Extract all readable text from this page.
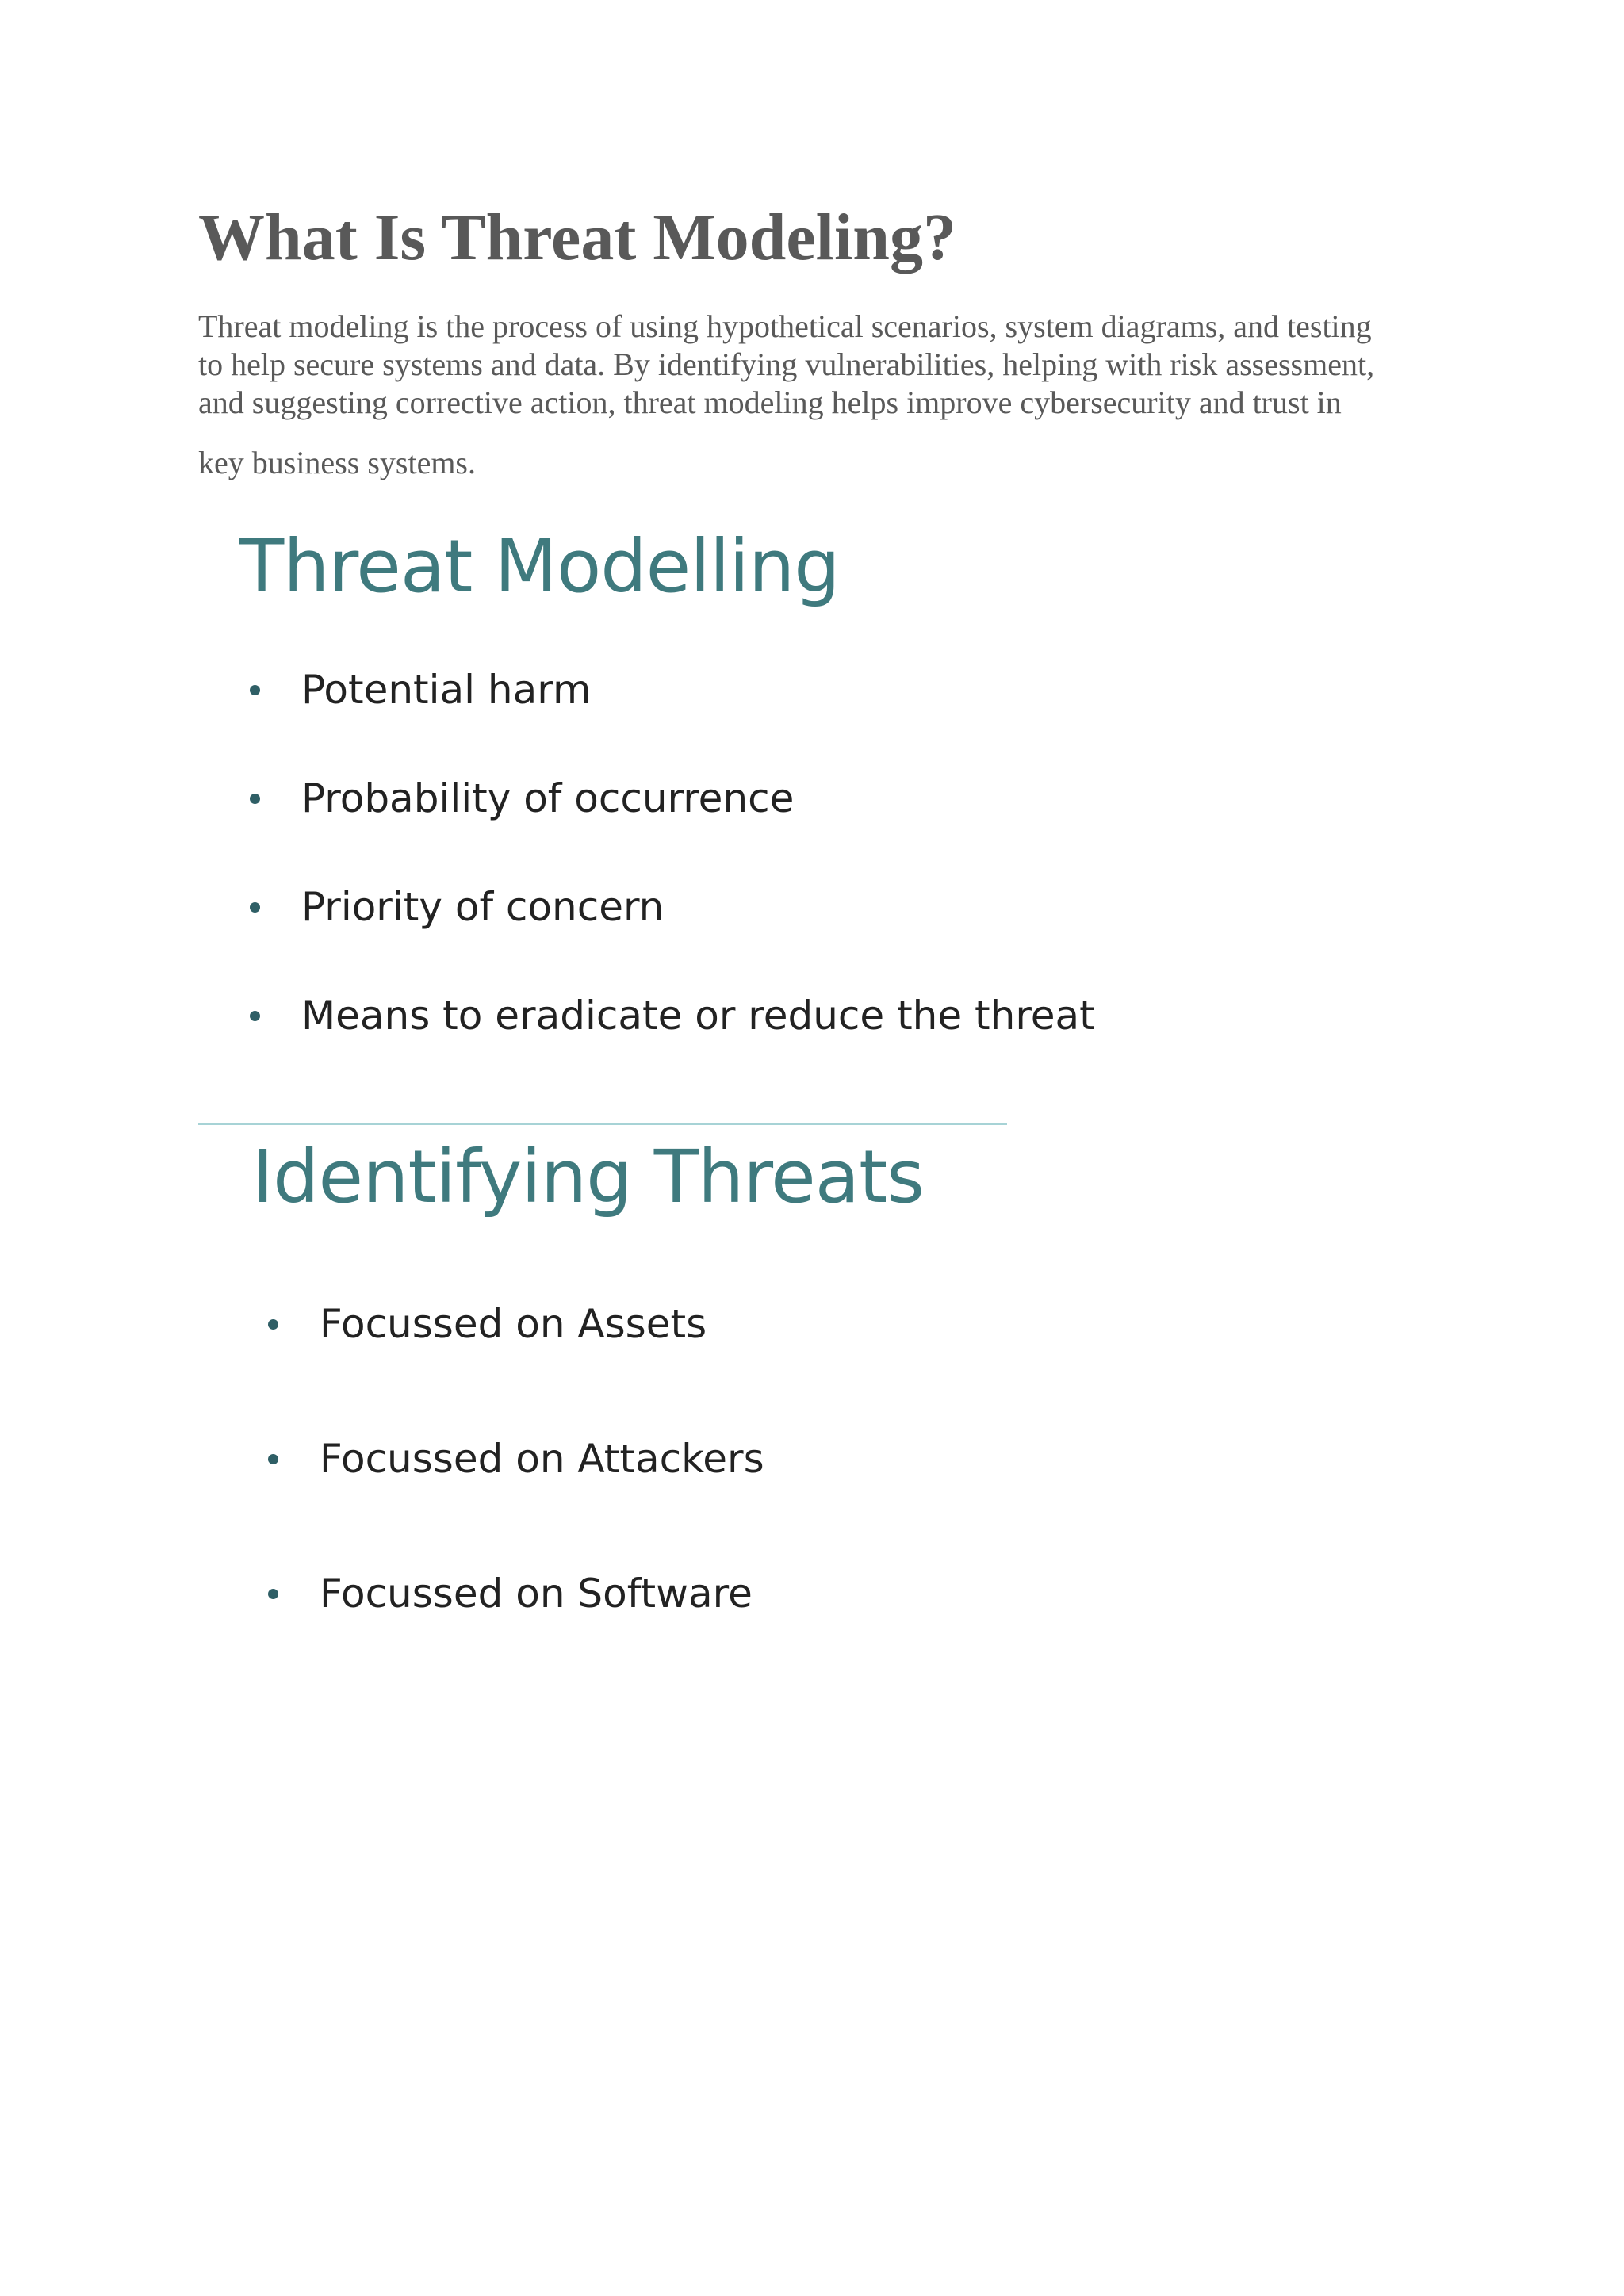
What Is Threat Modeling?

Threat modeling is the process of using hypothetical scenarios, system diagrams, and testing
to help secure systems and data. By identifying vulnerabilities, helping with risk assessment,
and suggesting corrective action, threat modeling helps improve cybersecurity and trust in
key business systems.

Threat Modelling
Potential harm
Probability of occurrence
Priority of concern
Means to eradicate or reduce the threat
Identifying Threats
Focussed on Assets
Focussed on Attackers
Focussed on Software
